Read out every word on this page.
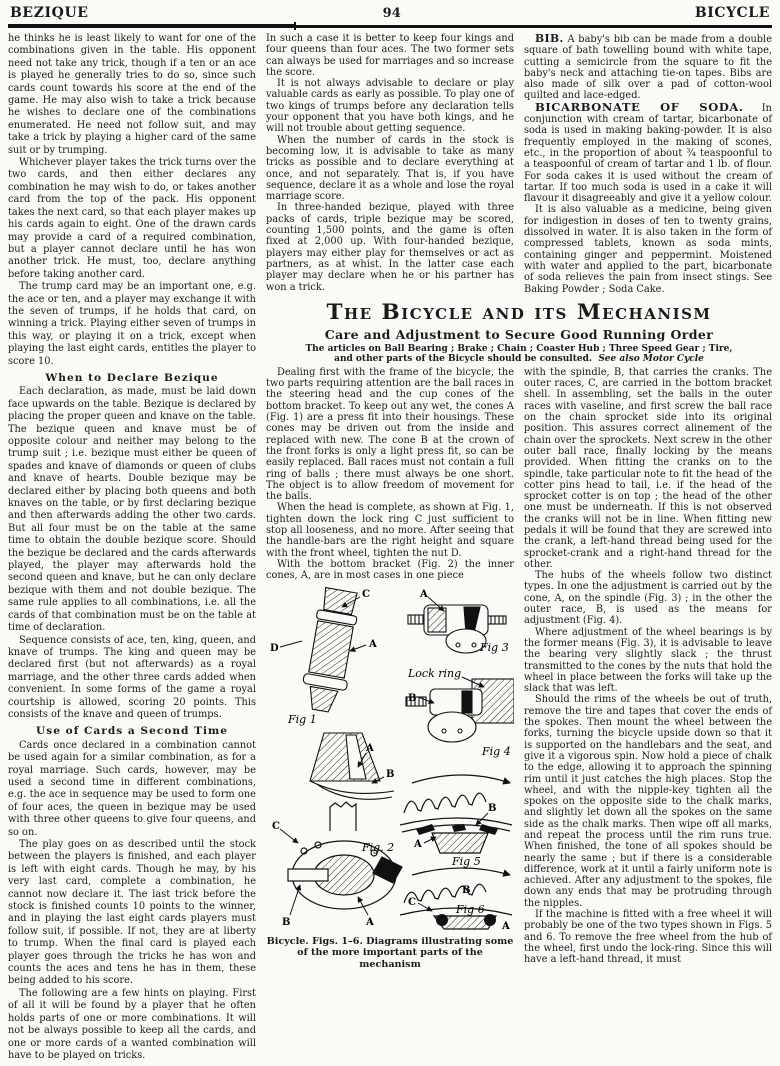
BEZIQUE	94	BICYCLE

he thinks he is least likely to want for one of the combinations given in the table. His opponent need not take any trick, though if a ten or an ace is played he generally tries to do so, since such cards count towards his score at the end of the game. He may also wish to take a trick because he wishes to declare one of the combinations enumerated. He need not follow suit, and may take a trick by playing a higher card of the same suit or by trumping.

Whichever player takes the trick turns over the two cards, and then either declares any combination he may wish to do, or takes another card from the top of the pack. His opponent takes the next card, so that each player makes up his cards again to eight. One of the drawn cards may provide a card of a required combination, but a player cannot declare until he has won another trick. He must, too, declare anything before taking another card.

The trump card may be an important one, e.g. the ace or ten, and a player may exchange it with the seven of trumps, if he holds that card, on winning a trick. Playing either seven of trumps in this way, or playing it on a trick, except when playing the last eight cards, entitles the player to score 10.

When to Declare Bezique

Each declaration, as made, must be laid down face upwards on the table. Bezique is declared by placing the proper queen and knave on the table. The bezique queen and knave must be of opposite colour and neither may belong to the trump suit ; i.e. bezique must either be queen of spades and knave of diamonds or queen of clubs and knave of hearts. Double bezique may be declared either by placing both queens and both knaves on the table, or by first declaring bezique and then afterwards adding the other two cards. But all four must be on the table at the same time to obtain the double bezique score. Should the bezique be declared and the cards afterwards played, the player may afterwards hold the second queen and knave, but he can only declare bezique with them and not double bezique. The same rule applies to all combinations, i.e. all the cards of that combination must be on the table at time of declaration.

Sequence consists of ace, ten, king, queen, and knave of trumps. The king and queen may be declared first (but not afterwards) as a royal marriage, and the other three cards added when convenient. In some forms of the game a royal courtship is allowed, scoring 20 points. This consists of the knave and queen of trumps.

Use of Cards a Second Time

Cards once declared in a combination cannot be used again for a similar combination, as for a royal marriage. Such cards, however, may be used a second time in different combinations, e.g. the ace in sequence may be used to form one of four aces, the queen in bezique may be used with three other queens to give four queens, and so on.

The play goes on as described until the stock between the players is finished, and each player is left with eight cards. Though he may, by his very last card, complete a combination, he cannot now declare it. The last trick before the stock is finished counts 10 points to the winner, and in playing the last eight cards players must follow suit, if possible. If not, they are at liberty to trump. When the final card is played each player goes through the tricks he has won and counts the aces and tens he has in them, these being added to his score.

The following are a few hints on playing. First of all it will be found by a player that he often holds parts of one or more combinations. It will not be always possible to keep all the cards, and one or more cards of a wanted combination will have to be played on tricks.

In such a case it is better to keep four kings and four queens than four aces. The two former sets can always be used for marriages and so increase the score.

It is not always advisable to declare or play valuable cards as early as possible. To play one of two kings of trumps before any declaration tells your opponent that you have both kings, and he will not trouble about getting sequence.

When the number of cards in the stock is becoming low, it is advisable to take as many tricks as possible and to declare everything at once, and not separately. That is, if you have sequence, declare it as a whole and lose the royal marriage score.

In three-handed bezique, played with three packs of cards, triple bezique may be scored, counting 1,500 points, and the game is often fixed at 2,000 up. With four-handed bezique, players may either play for themselves or act as partners, as at whist. In the latter case each player may declare when he or his partner has won a trick.

BIB. A baby's bib can be made from a double square of bath towelling bound with white tape, cutting a semicircle from the square to fit the baby's neck and attaching tie-on tapes. Bibs are also made of silk over a pad of cotton-wool quilted and lace-edged.

BICARBONATE OF SODA. In conjunction with cream of tartar, bicarbonate of soda is used in making baking-powder. It is also frequently employed in the making of scones, etc., in the proportion of about ¾ teaspoonful to a teaspoonful of cream of tartar and 1 lb. of flour. For soda cakes it is used without the cream of tartar. If too much soda is used in a cake it will flavour it disagreeably and give it a yellow colour.

It is also valuable as a medicine, being given for indigestion in doses of ten to twenty grains, dissolved in water. It is also taken in the form of compressed tablets, known as soda mints, containing ginger and peppermint. Moistened with water and applied to the part, bicarbonate of soda relieves the pain from insect stings. See Baking Powder ; Soda Cake.

The Bicycle and its Mechanism
Care and Adjustment to Secure Good Running Order

The articles on Ball Bearing ; Brake ; Chain ; Coaster Hub ; Three Speed Gear ; Tire, and other parts of the Bicycle should be consulted. See also Motor Cycle

Dealing first with the frame of the bicycle, the two parts requiring attention are the ball races in the steering head and the cup cones of the bottom bracket. To keep out any wet, the cones A (Fig. 1) are a press fit into their housings. These cones may be driven out from the inside and replaced with new. The cone B at the crown of the front forks is only a light press fit, so can be easily replaced. Ball races must not contain a full ring of balls ; there must always be one short. The object is to allow freedom of movement for the balls.

When the head is complete, as shown at Fig. 1, tighten down the lock ring C just sufficient to stop all looseness, and no more. After seeing that the handle-bars are the right height and square with the front wheel, tighten the nut D.

With the bottom bracket (Fig. 2) the inner cones, A, are in most cases in one piece

C
D	A
Fig 1
A
B
C
Fig. 2
B	A
A
Fig 3
Lock ring
B
Fig 4
B
A
Fig 5
B
C
A
Fig 6
Bicycle. Figs. 1–6. Diagrams illustrating some of the more important parts of the mechanism

with the spindle, B, that carries the cranks. The outer races, C, are carried in the bottom bracket shell. In assembling, set the balls in the outer races with vaseline, and first screw the ball race on the chain sprocket side into its original position. This assures correct alinement of the chain over the sprockets. Next screw in the other outer ball race, finally locking by the means provided. When fitting the cranks on to the spindle, take particular note to fit the head of the cotter pins head to tail, i.e. if the head of the sprocket cotter is on top ; the head of the other one must be underneath. If this is not observed the cranks will not be in line. When fitting new pedals it will be found that they are screwed into the crank, a left-hand thread being used for the sprocket-crank and a right-hand thread for the other.

The hubs of the wheels follow two distinct types. In one the adjustment is carried out by the cone, A, on the spindle (Fig. 3) ; in the other the outer race, B, is used as the means for adjustment (Fig. 4).

Where adjustment of the wheel bearings is by the former means (Fig. 3), it is advisable to leave the bearing very slightly slack ; the thrust transmitted to the cones by the nuts that hold the wheel in place between the forks will take up the slack that was left.

Should the rims of the wheels be out of truth, remove the tire and tapes that cover the ends of the spokes. Then mount the wheel between the forks, turning the bicycle upside down so that it is supported on the handlebars and the seat, and give it a vigorous spin. Now hold a piece of chalk to the edge, allowing it to approach the spinning rim until it just catches the high places. Stop the wheel, and with the nipple-key tighten all the spokes on the opposite side to the chalk marks, and slightly let down all the spokes on the same side as the chalk marks. Then wipe off all marks, and repeat the process until the rim runs true. When finished, the tone of all spokes should be nearly the same ; but if there is a considerable difference, work at it until a fairly uniform note is achieved. After any adjustment to the spokes, file down any ends that may be protruding through the nipples.

If the machine is fitted with a free wheel it will probably be one of the two types shown in Figs. 5 and 6. To remove the free wheel from the hub of the wheel, first undo the lock-ring. Since this will have a left-hand thread, it must
